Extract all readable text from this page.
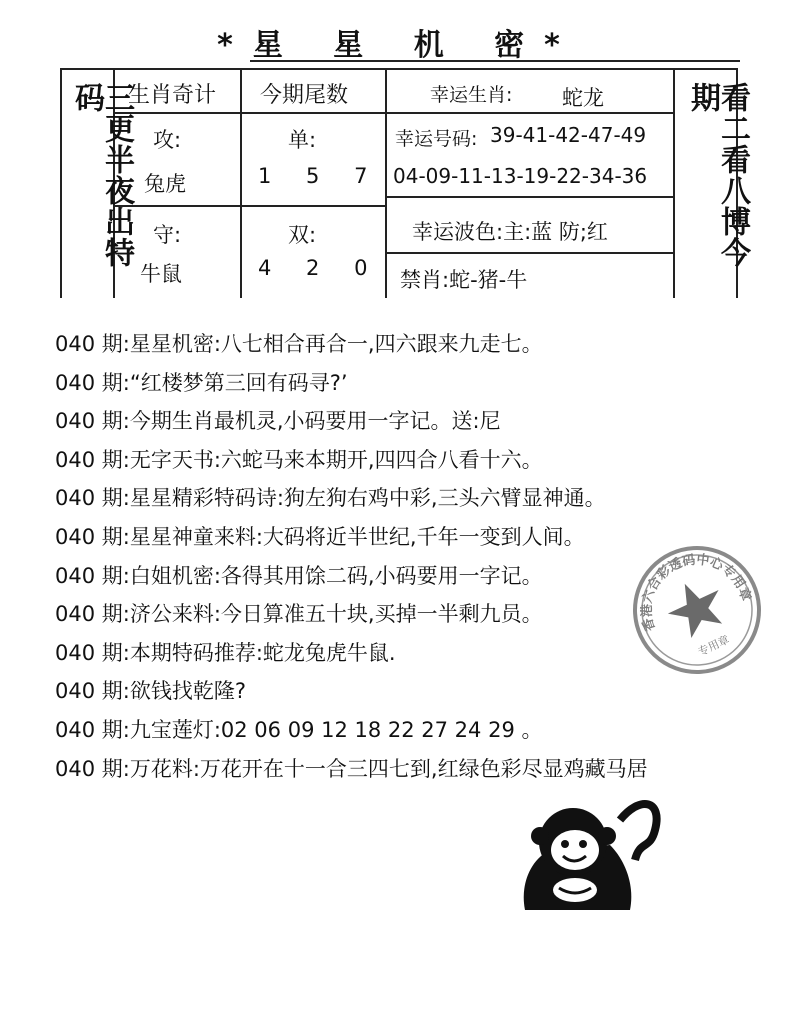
*星 星 机 密*
三更半夜出特码	看二看八博今期
生肖奇计
攻:
兔虎
守:
牛鼠
今期尾数
单:
1 5 7
双:
4 2 0
幸运生肖: 蛇龙
幸运号码: 39-41-42-47-49
04-09-11-13-19-22-34-36
幸运波色:主:蓝 防;红
禁肖:蛇-猪-牛
040 期:星星机密:八七相合再合一,四六跟来九走七。
040 期:“红楼梦第三回有码寻?’
040 期:今期生肖最机灵,小码要用一字记。送:尼
040 期:无字天书:六蛇马来本期开,四四合八看十六。
040 期:星星精彩特码诗:狗左狗右鸡中彩,三头六臂显神通。
040 期:星星神童来料:大码将近半世纪,千年一变到人间。
040 期:白姐机密:各得其用馀二码,小码要用一字记。
040 期:济公来料:今日算准五十块,买掉一半剩九员。
040 期:本期特码推荐:蛇龙兔虎牛鼠.
040 期:欲钱找乾隆?
040 期:九宝莲灯:02 06 09 12 18 22 27 24 29 。
040 期:万花料:万花开在十一合三四七到,红绿色彩尽显鸡藏马居
香港六合彩透码中心专用章
专用章
